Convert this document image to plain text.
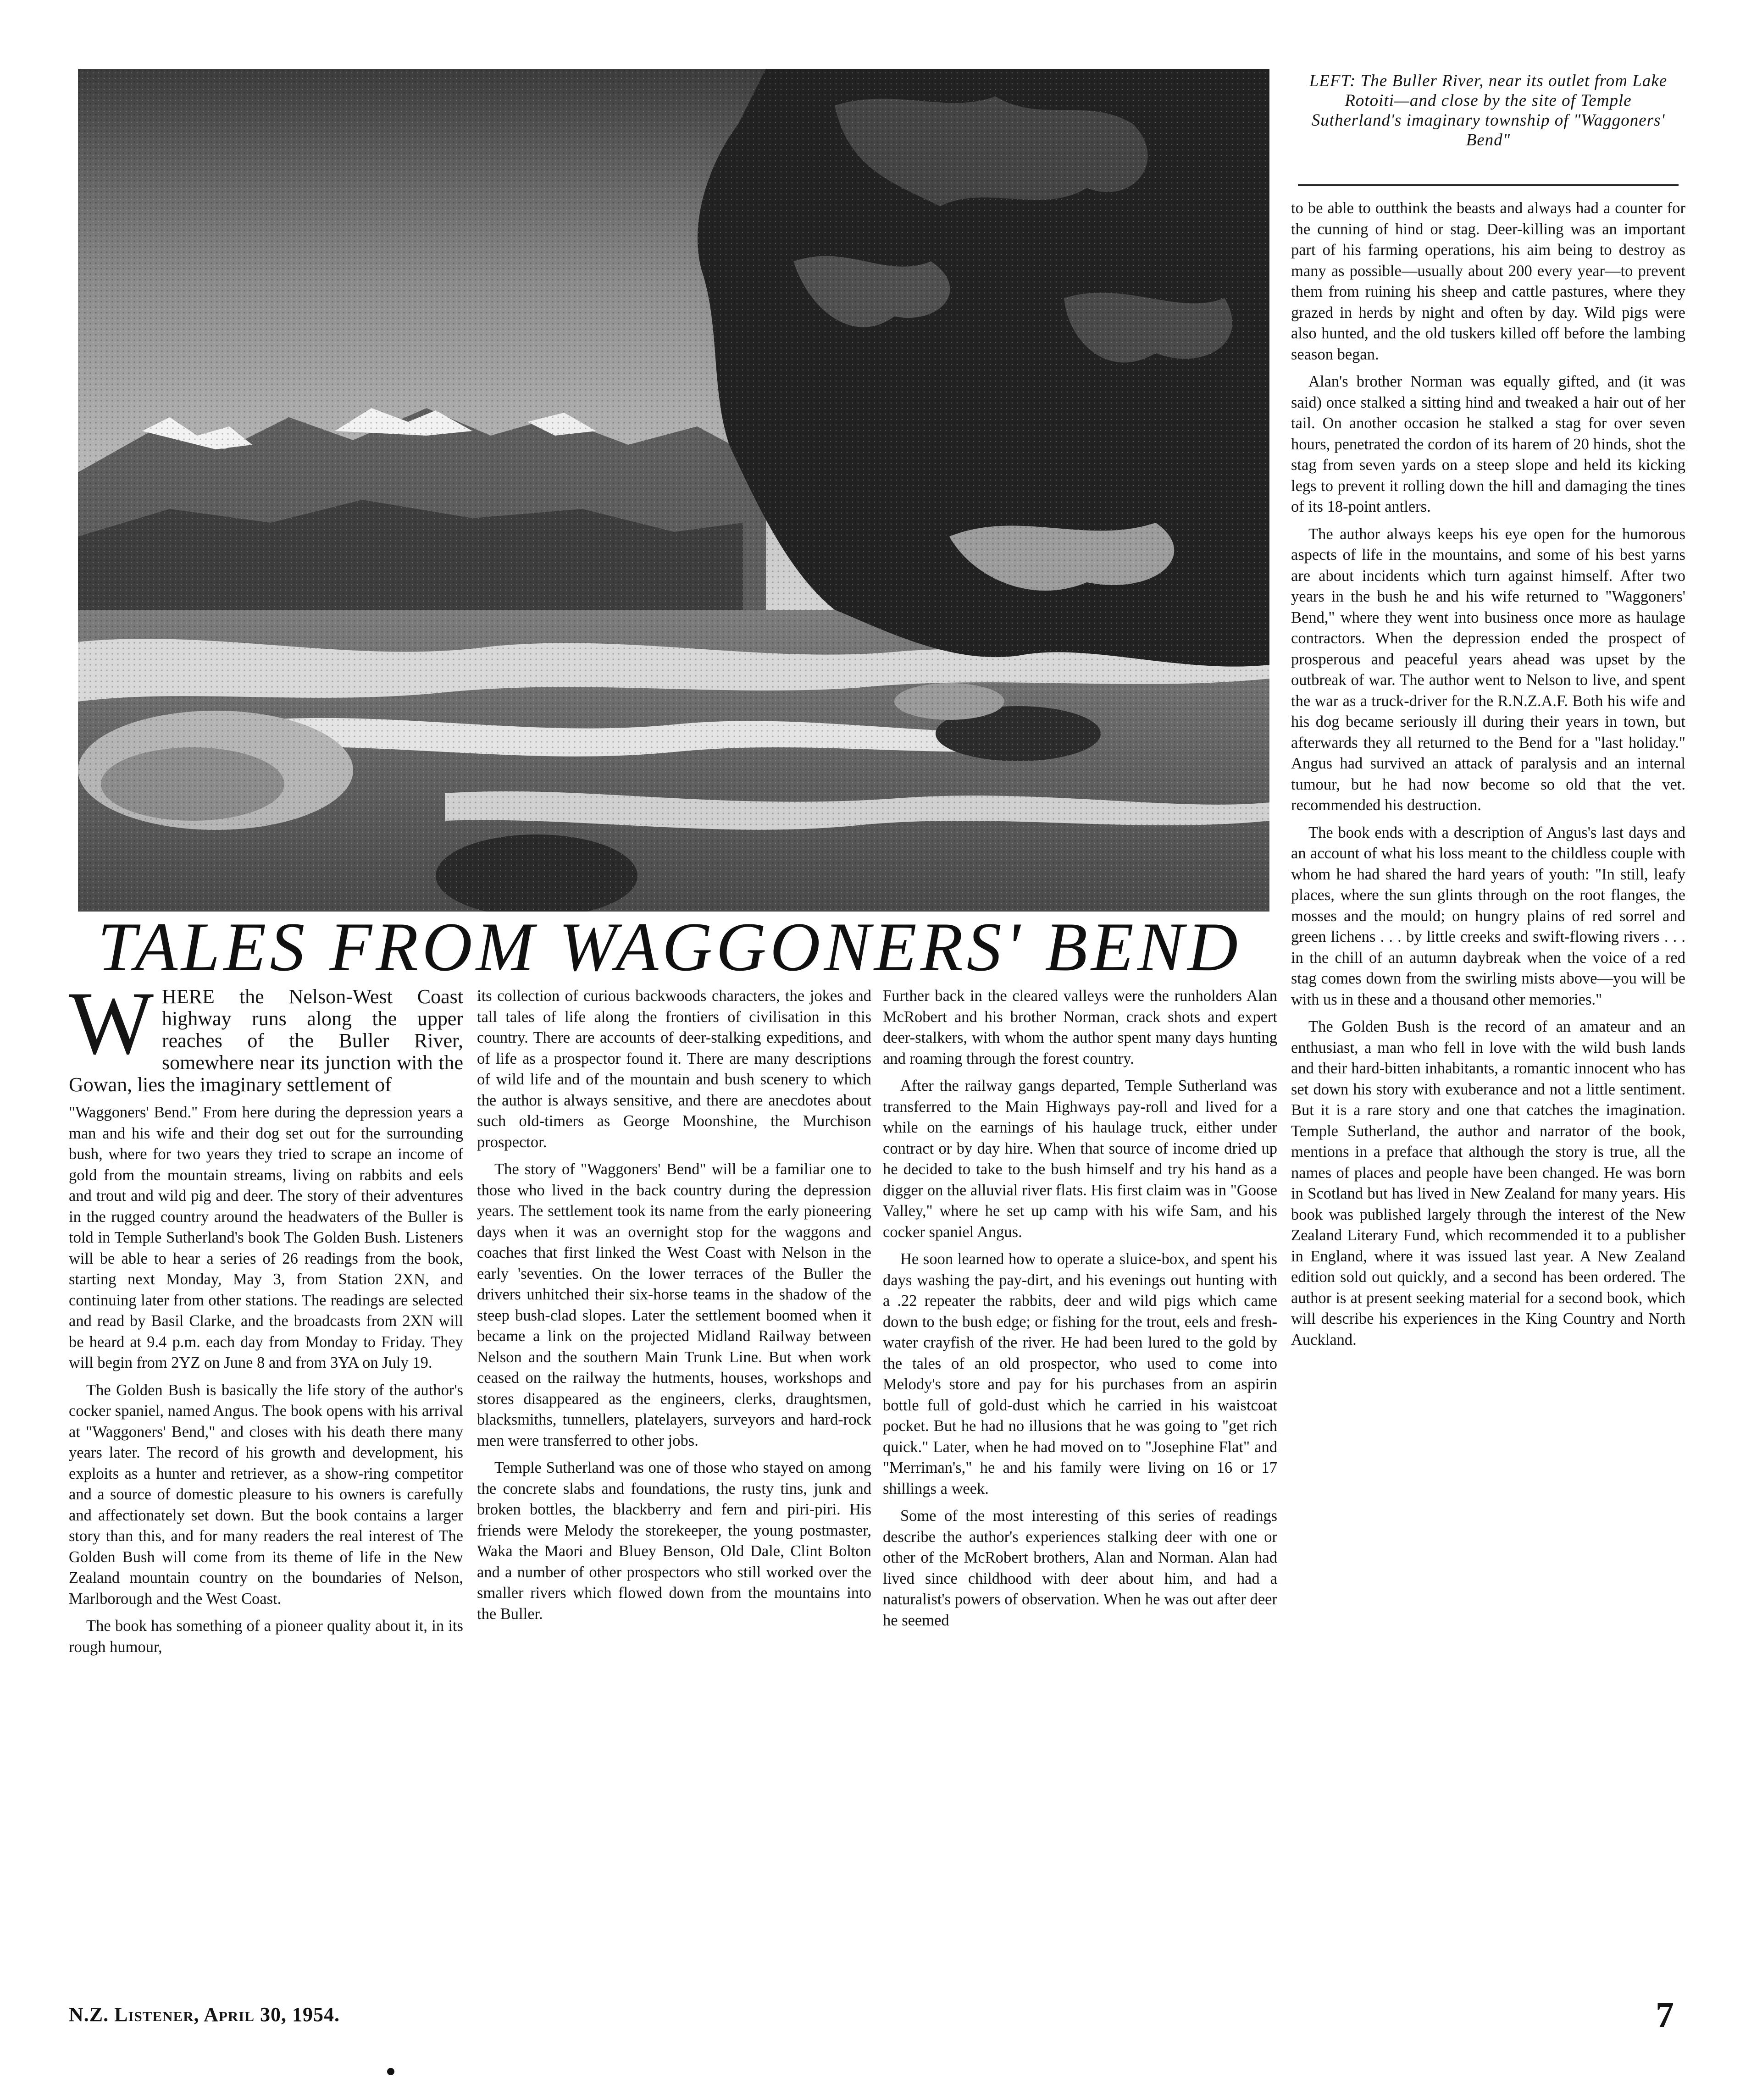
LEFT: The Buller River, near its outlet from Lake Rotoiti—and close by the site of Temple Sutherland's imaginary township of "Waggoners' Bend"
TALES FROM WAGGONERS' BEND
W HERE the Nelson-West Coast highway runs along the upper reaches of the Buller River, somewhere near its junction with the Gowan, lies the imaginary settlement of

"Waggoners' Bend." From here during the depression years a man and his wife and their dog set out for the surrounding bush, where for two years they tried to scrape an income of gold from the mountain streams, living on rabbits and eels and trout and wild pig and deer. The story of their adventures in the rugged country around the headwaters of the Buller is told in Temple Sutherland's book The Golden Bush. Listeners will be able to hear a series of 26 readings from the book, starting next Monday, May 3, from Station 2XN, and continuing later from other stations. The readings are selected and read by Basil Clarke, and the broadcasts from 2XN will be heard at 9.4 p.m. each day from Monday to Friday. They will begin from 2YZ on June 8 and from 3YA on July 19.

The Golden Bush is basically the life story of the author's cocker spaniel, named Angus. The book opens with his arrival at "Waggoners' Bend," and closes with his death there many years later. The record of his growth and development, his exploits as a hunter and retriever, as a show-ring competitor and a source of domestic pleasure to his owners is carefully and affectionately set down. But the book contains a larger story than this, and for many readers the real interest of The Golden Bush will come from its theme of life in the New Zealand mountain country on the boundaries of Nelson, Marlborough and the West Coast.

The book has something of a pioneer quality about it, in its rough humour,

its collection of curious backwoods characters, the jokes and tall tales of life along the frontiers of civilisation in this country. There are accounts of deer-stalking expeditions, and of life as a prospector found it. There are many descriptions of wild life and of the mountain and bush scenery to which the author is always sensitive, and there are anecdotes about such old-timers as George Moonshine, the Murchison prospector.

The story of "Waggoners' Bend" will be a familiar one to those who lived in the back country during the depression years. The settlement took its name from the early pioneering days when it was an overnight stop for the waggons and coaches that first linked the West Coast with Nelson in the early 'seventies. On the lower terraces of the Buller the drivers unhitched their six-horse teams in the shadow of the steep bush-clad slopes. Later the settlement boomed when it became a link on the projected Midland Railway between Nelson and the southern Main Trunk Line. But when work ceased on the railway the hutments, houses, workshops and stores disappeared as the engineers, clerks, draughtsmen, blacksmiths, tunnellers, platelayers, surveyors and hard-rock men were transferred to other jobs.

Temple Sutherland was one of those who stayed on among the concrete slabs and foundations, the rusty tins, junk and broken bottles, the blackberry and fern and piri-piri. His friends were Melody the storekeeper, the young postmaster, Waka the Maori and Bluey Benson, Old Dale, Clint Bolton and a number of other prospectors who still worked over the smaller rivers which flowed down from the mountains into the Buller.

Further back in the cleared valleys were the runholders Alan McRobert and his brother Norman, crack shots and expert deer-stalkers, with whom the author spent many days hunting and roaming through the forest country.

After the railway gangs departed, Temple Sutherland was transferred to the Main Highways pay-roll and lived for a while on the earnings of his haulage truck, either under contract or by day hire. When that source of income dried up he decided to take to the bush himself and try his hand as a digger on the alluvial river flats. His first claim was in "Goose Valley," where he set up camp with his wife Sam, and his cocker spaniel Angus.

He soon learned how to operate a sluice-box, and spent his days washing the pay-dirt, and his evenings out hunting with a .22 repeater the rabbits, deer and wild pigs which came down to the bush edge; or fishing for the trout, eels and fresh-water crayfish of the river. He had been lured to the gold by the tales of an old prospector, who used to come into Melody's store and pay for his purchases from an aspirin bottle full of gold-dust which he carried in his waistcoat pocket. But he had no illusions that he was going to "get rich quick." Later, when he had moved on to "Josephine Flat" and "Merriman's," he and his family were living on 16 or 17 shillings a week.

Some of the most interesting of this series of readings describe the author's experiences stalking deer with one or other of the McRobert brothers, Alan and Norman. Alan had lived since childhood with deer about him, and had a naturalist's powers of observation. When he was out after deer he seemed

to be able to outthink the beasts and always had a counter for the cunning of hind or stag. Deer-killing was an important part of his farming operations, his aim being to destroy as many as possible—usually about 200 every year—to prevent them from ruining his sheep and cattle pastures, where they grazed in herds by night and often by day. Wild pigs were also hunted, and the old tuskers killed off before the lambing season began.

Alan's brother Norman was equally gifted, and (it was said) once stalked a sitting hind and tweaked a hair out of her tail. On another occasion he stalked a stag for over seven hours, penetrated the cordon of its harem of 20 hinds, shot the stag from seven yards on a steep slope and held its kicking legs to prevent it rolling down the hill and damaging the tines of its 18-point antlers.

The author always keeps his eye open for the humorous aspects of life in the mountains, and some of his best yarns are about incidents which turn against himself. After two years in the bush he and his wife returned to "Waggoners' Bend," where they went into business once more as haulage contractors. When the depression ended the prospect of prosperous and peaceful years ahead was upset by the outbreak of war. The author went to Nelson to live, and spent the war as a truck-driver for the R.N.Z.A.F. Both his wife and his dog became seriously ill during their years in town, but afterwards they all returned to the Bend for a "last holiday." Angus had survived an attack of paralysis and an internal tumour, but he had now become so old that the vet. recommended his destruction.

The book ends with a description of Angus's last days and an account of what his loss meant to the childless couple with whom he had shared the hard years of youth: "In still, leafy places, where the sun glints through on the root flanges, the mosses and the mould; on hungry plains of red sorrel and green lichens . . . by little creeks and swift-flowing rivers . . . in the chill of an autumn daybreak when the voice of a red stag comes down from the swirling mists above—you will be with us in these and a thousand other memories."

The Golden Bush is the record of an amateur and an enthusiast, a man who fell in love with the wild bush lands and their hard-bitten inhabitants, a romantic innocent who has set down his story with exuberance and not a little sentiment. But it is a rare story and one that catches the imagination. Temple Sutherland, the author and narrator of the book, mentions in a preface that although the story is true, all the names of places and people have been changed. He was born in Scotland but has lived in New Zealand for many years. His book was published largely through the interest of the New Zealand Literary Fund, which recommended it to a publisher in England, where it was issued last year. A New Zealand edition sold out quickly, and a second has been ordered. The author is at present seeking material for a second book, which will describe his experiences in the King Country and North Auckland.

N.Z. Listener, April 30, 1954.	7
